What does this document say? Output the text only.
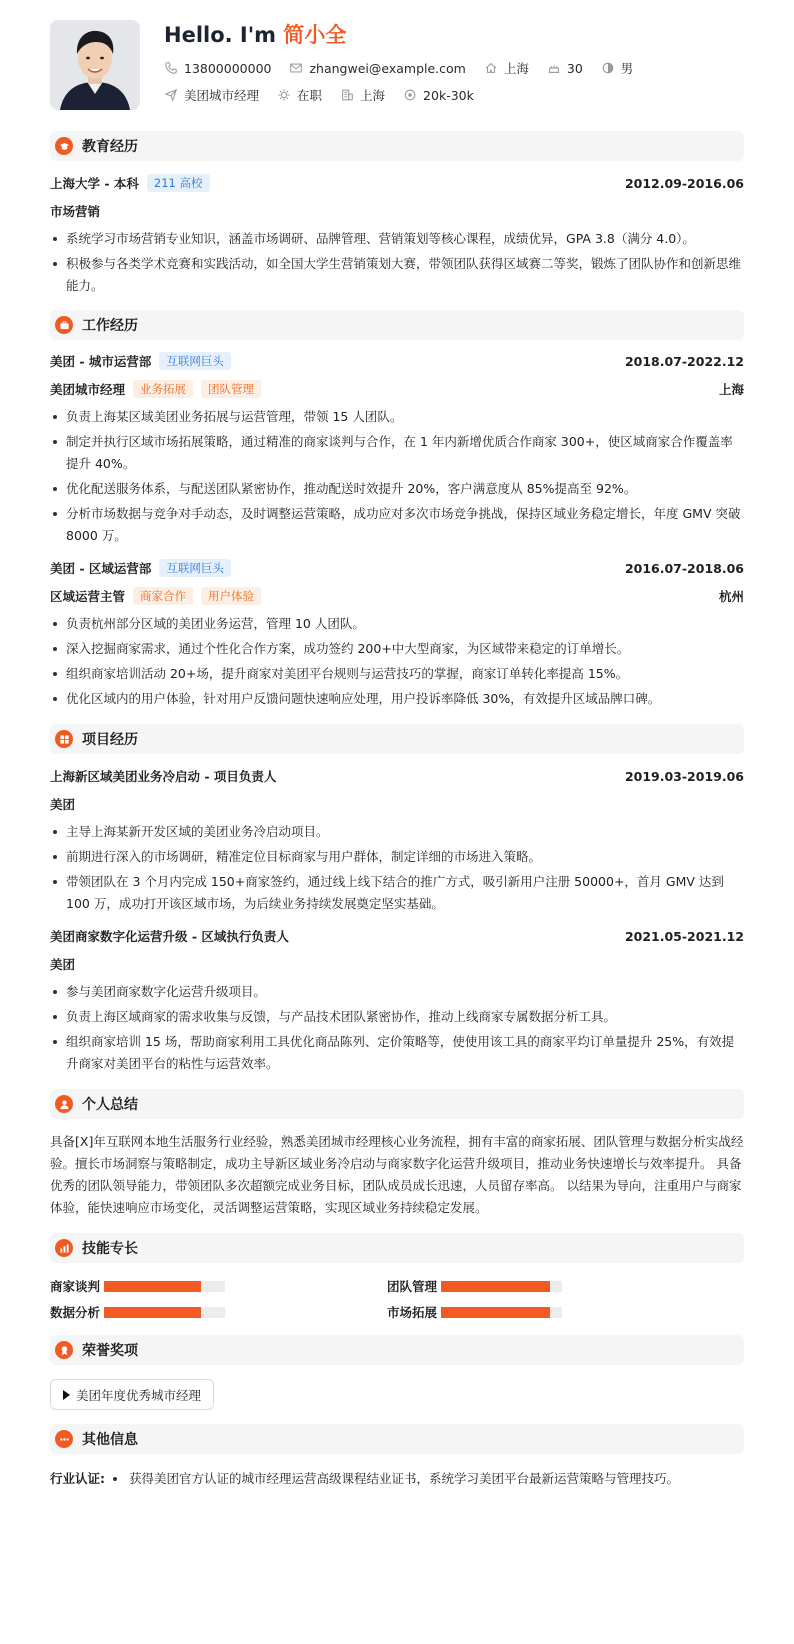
Hello. I'm 简小全
13800000000	zhangwei@example.com	上海	30	男
美团城市经理	在职	上海	20k-30k
教育经历
上海大学 - 本科	211 高校	2012.09-2016.06
市场营销
系统学习市场营销专业知识，涵盖市场调研、品牌管理、营销策划等核心课程，成绩优异，GPA 3.8（满分 4.0）。
积极参与各类学术竞赛和实践活动，如全国大学生营销策划大赛，带领团队获得区域赛二等奖，锻炼了团队协作和创新思维能力。
工作经历
美团 - 城市运营部	互联网巨头	2018.07-2022.12
美团城市经理	业务拓展	团队管理	上海
负责上海某区域美团业务拓展与运营管理，带领 15 人团队。
制定并执行区域市场拓展策略，通过精准的商家谈判与合作，在 1 年内新增优质合作商家 300+，使区域商家合作覆盖率提升 40%。
优化配送服务体系，与配送团队紧密协作，推动配送时效提升 20%，客户满意度从 85%提高至 92%。
分析市场数据与竞争对手动态，及时调整运营策略，成功应对多次市场竞争挑战，保持区域业务稳定增长，年度 GMV 突破 8000 万。
美团 - 区域运营部	互联网巨头	2016.07-2018.06
区域运营主管	商家合作	用户体验	杭州
负责杭州部分区域的美团业务运营，管理 10 人团队。
深入挖掘商家需求，通过个性化合作方案，成功签约 200+中大型商家，为区域带来稳定的订单增长。
组织商家培训活动 20+场，提升商家对美团平台规则与运营技巧的掌握，商家订单转化率提高 15%。
优化区域内的用户体验，针对用户反馈问题快速响应处理，用户投诉率降低 30%，有效提升区域品牌口碑。
项目经历
上海新区域美团业务冷启动 - 项目负责人	2019.03-2019.06
美团
主导上海某新开发区域的美团业务冷启动项目。
前期进行深入的市场调研，精准定位目标商家与用户群体，制定详细的市场进入策略。
带领团队在 3 个月内完成 150+商家签约，通过线上线下结合的推广方式，吸引新用户注册 50000+，首月 GMV 达到 100 万，成功打开该区域市场，为后续业务持续发展奠定坚实基础。
美团商家数字化运营升级 - 区域执行负责人	2021.05-2021.12
美团
参与美团商家数字化运营升级项目。
负责上海区域商家的需求收集与反馈，与产品技术团队紧密协作，推动上线商家专属数据分析工具。
组织商家培训 15 场，帮助商家利用工具优化商品陈列、定价策略等，使使用该工具的商家平均订单量提升 25%，有效提升商家对美团平台的粘性与运营效率。
个人总结

具备[X]年互联网本地生活服务行业经验，熟悉美团城市经理核心业务流程，拥有丰富的商家拓展、团队管理与数据分析实战经验。擅长市场洞察与策略制定，成功主导新区域业务冷启动与商家数字化运营升级项目，推动业务快速增长与效率提升。 具备优秀的团队领导能力，带领团队多次超额完成业务目标，团队成员成长迅速，人员留存率高。 以结果为导向，注重用户与商家体验，能快速响应市场变化，灵活调整运营策略，实现区域业务持续稳定发展。

技能专长
商家谈判	团队管理
数据分析	市场拓展
荣誉奖项
美团年度优秀城市经理
其他信息
行业认证: 获得美团官方认证的城市经理运营高级课程结业证书，系统学习美团平台最新运营策略与管理技巧。
